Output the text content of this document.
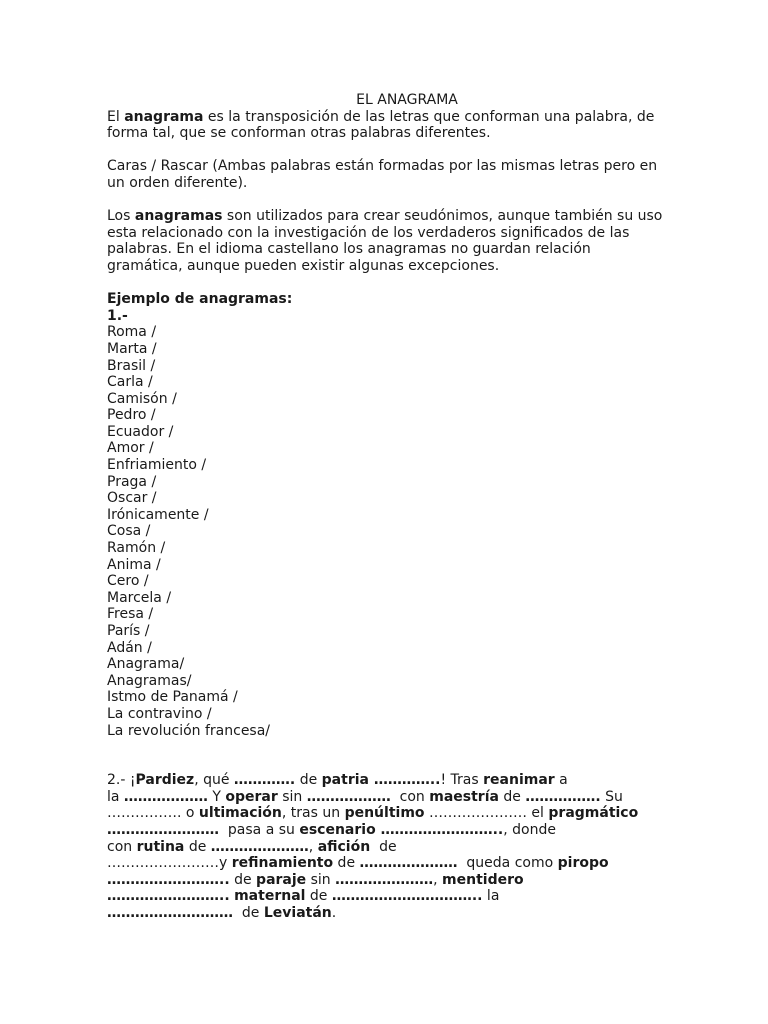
EL ANAGRAMA

El anagrama es la transposición de las letras que conforman una palabra, de forma tal, que se conforman otras palabras diferentes.

Caras / Rascar (Ambas palabras están formadas por las mismas letras pero en un orden diferente).

Los anagramas son utilizados para crear seudónimos, aunque también su uso esta relacionado con la investigación de los verdaderos significados de las palabras. En el idioma castellano los anagramas no guardan relación gramática, aunque pueden existir algunas excepciones.

Ejemplo de anagramas:

1.-

Roma /
Marta /
Brasil /
Carla /
Camisón /
Pedro /
Ecuador /
Amor /
Enfriamiento /
Praga /
Oscar /
Irónicamente /
Cosa /
Ramón /
Anima /
Cero /
Marcela /
Fresa /
París /
Adán /
Anagrama/
Anagramas/
Istmo de Panamá /
La contravino /
La revolución francesa/

2.- ¡Pardiez, qué …………. de patria …………..! Tras reanimar a

la ……………… Y operar sin ………………  con maestría de ……………. Su

……………. o ultimación, tras un penúltimo ………………… el pragmático

……………………  pasa a su escenario …………………….., donde

con rutina de …………………, afición  de

……………………y refinamiento de …………………  queda como piropo

…………………….. de paraje sin …………………, mentidero

…………………….. maternal de ………………………….. la

………………………  de Leviatán.
